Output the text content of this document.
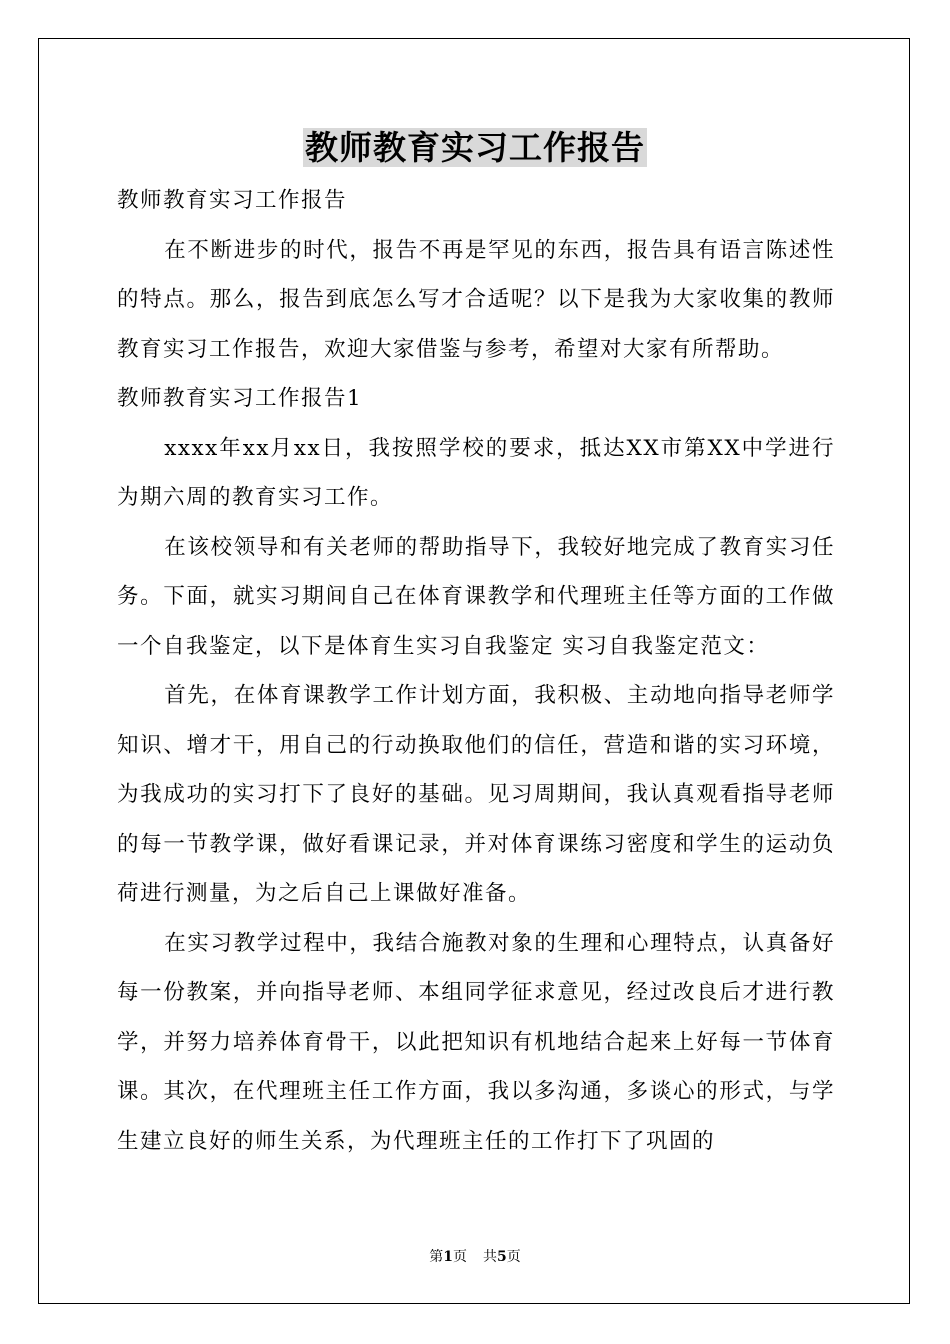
教师教育实习工作报告

教师教育实习工作报告

在不断进步的时代，报告不再是罕见的东西，报告具有语言陈述性的特点。那么，报告到底怎么写才合适呢？以下是我为大家收集的教师教育实习工作报告，欢迎大家借鉴与参考，希望对大家有所帮助。

教师教育实习工作报告1

xxxx年xx月xx日，我按照学校的要求，抵达XX市第XX中学进行为期六周的教育实习工作。

在该校领导和有关老师的帮助指导下，我较好地完成了教育实习任务。下面，就实习期间自己在体育课教学和代理班主任等方面的工作做一个自我鉴定，以下是体育生实习自我鉴定 实习自我鉴定范文：

首先，在体育课教学工作计划方面，我积极、主动地向指导老师学知识、增才干，用自己的行动换取他们的信任，营造和谐的实习环境，为我成功的实习打下了良好的基础。见习周期间，我认真观看指导老师的每一节教学课，做好看课记录，并对体育课练习密度和学生的运动负荷进行测量，为之后自己上课做好准备。

在实习教学过程中，我结合施教对象的生理和心理特点，认真备好每一份教案，并向指导老师、本组同学征求意见，经过改良后才进行教学，并努力培养体育骨干，以此把知识有机地结合起来上好每一节体育课。其次，在代理班主任工作方面，我以多沟通，多谈心的形式，与学生建立良好的师生关系，为代理班主任的工作打下了巩固的

第1页 共5页
